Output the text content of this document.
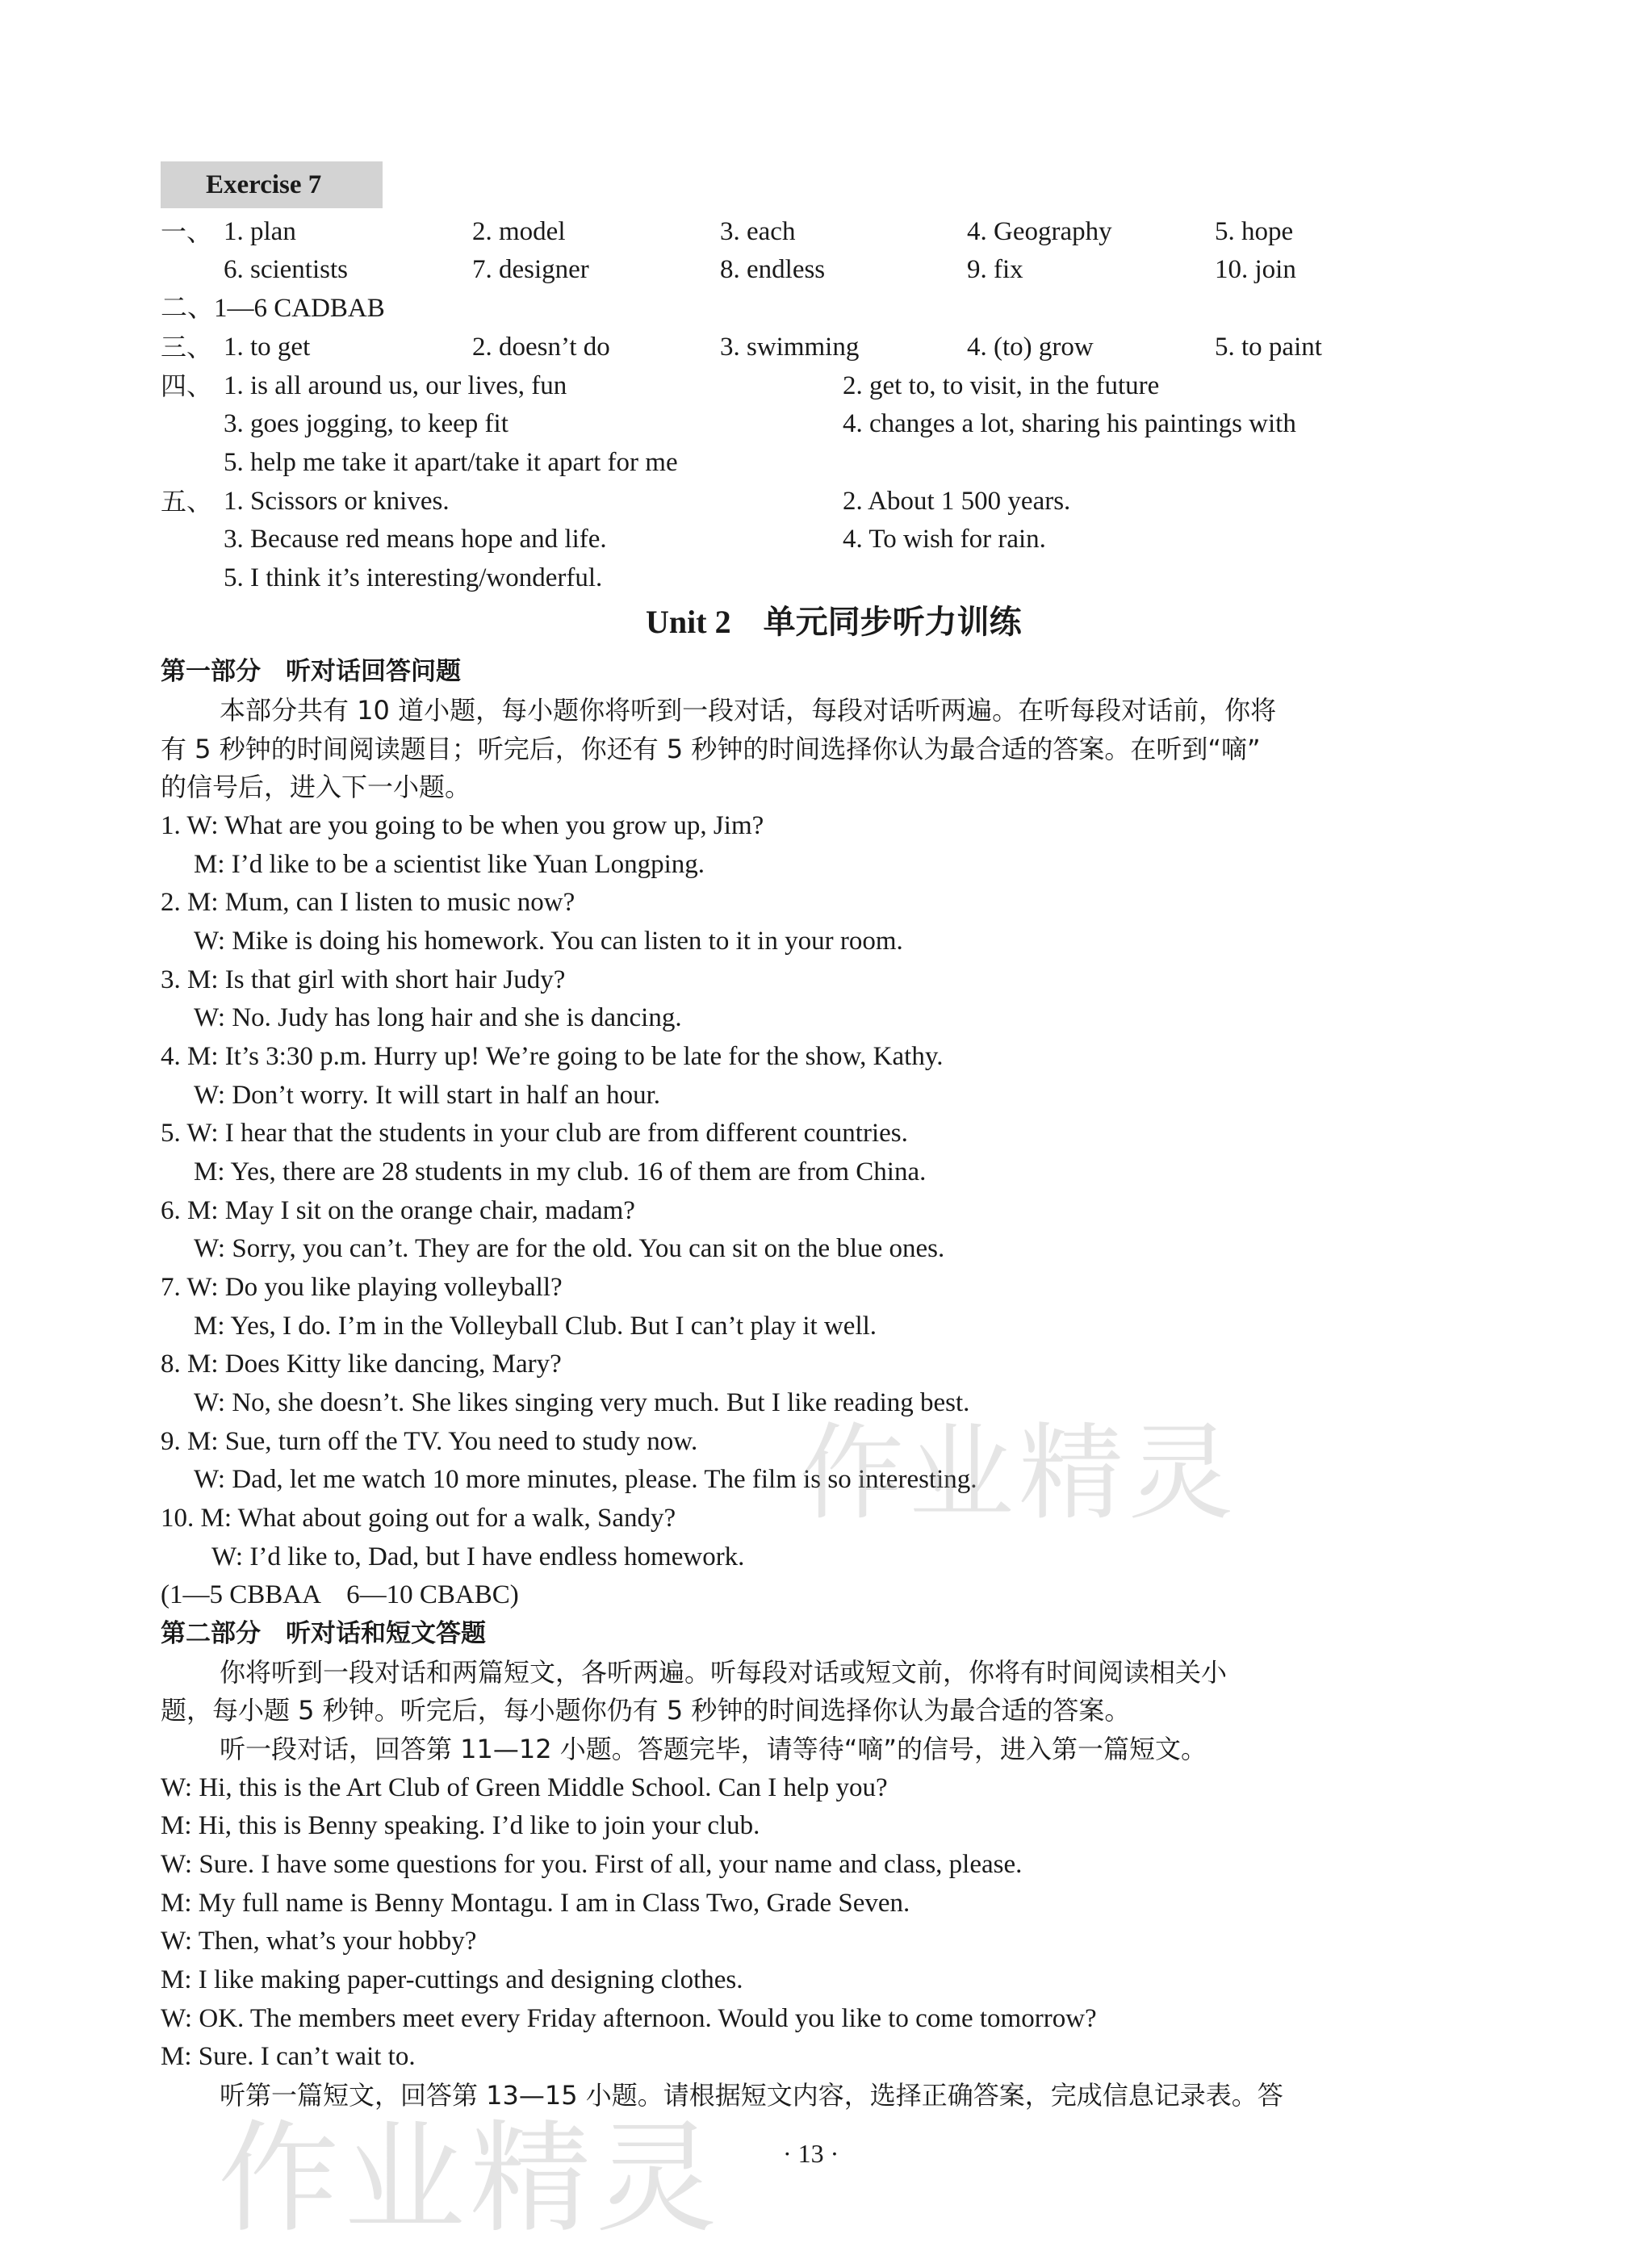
Exercise 7
一、 1. plan	2. model	3. each	4. Geography	5. hope
6. scientists	7. designer	8. endless	9. fix	10. join
二、1—6 CADBAB
三、 1. to get	2. doesn’t do	3. swimming	4. (to) grow	5. to paint
四、 1. is all around us, our lives, fun	2. get to, to visit, in the future
3. goes jogging, to keep fit	4. changes a lot, sharing his paintings with
5. help me take it apart/take it apart for me
五、 1. Scissors or knives.	2. About 1 500 years.
3. Because red means hope and life.	4. To wish for rain.
5. I think it’s interesting/wonderful.
Unit 2　单元同步听力训练
第一部分　听对话回答问题
本部分共有 10 道小题，每小题你将听到一段对话，每段对话听两遍。在听每段对话前，你将
有 5 秒钟的时间阅读题目；听完后，你还有 5 秒钟的时间选择你认为最合适的答案。在听到“嘀”
的信号后，进入下一小题。
1. W: What are you going to be when you grow up, Jim?
M: I’d like to be a scientist like Yuan Longping.
2. M: Mum, can I listen to music now?
W: Mike is doing his homework. You can listen to it in your room.
3. M: Is that girl with short hair Judy?
W: No. Judy has long hair and she is dancing.
4. M: It’s 3:30 p.m. Hurry up! We’re going to be late for the show, Kathy.
W: Don’t worry. It will start in half an hour.
5. W: I hear that the students in your club are from different countries.
M: Yes, there are 28 students in my club. 16 of them are from China.
6. M: May I sit on the orange chair, madam?
W: Sorry, you can’t. They are for the old. You can sit on the blue ones.
7. W: Do you like playing volleyball?
M: Yes, I do. I’m in the Volleyball Club. But I can’t play it well.
8. M: Does Kitty like dancing, Mary?
W: No, she doesn’t. She likes singing very much. But I like reading best.
9. M: Sue, turn off the TV. You need to study now.
W: Dad, let me watch 10 more minutes, please. The film is so interesting.
10. M: What about going out for a walk, Sandy?
W: I’d like to, Dad, but I have endless homework.
(1—5 CBBAA　6—10 CBABC)
第二部分　听对话和短文答题
你将听到一段对话和两篇短文，各听两遍。听每段对话或短文前，你将有时间阅读相关小
题，每小题 5 秒钟。听完后，每小题你仍有 5 秒钟的时间选择你认为最合适的答案。
听一段对话，回答第 11—12 小题。答题完毕，请等待“嘀”的信号，进入第一篇短文。
W: Hi, this is the Art Club of Green Middle School. Can I help you?
M: Hi, this is Benny speaking. I’d like to join your club.
W: Sure. I have some questions for you. First of all, your name and class, please.
M: My full name is Benny Montagu. I am in Class Two, Grade Seven.
W: Then, what’s your hobby?
M: I like making paper-cuttings and designing clothes.
W: OK. The members meet every Friday afternoon. Would you like to come tomorrow?
M: Sure. I can’t wait to.
听第一篇短文，回答第 13—15 小题。请根据短文内容，选择正确答案，完成信息记录表。答
· 13 ·
作业精灵
作业精灵
